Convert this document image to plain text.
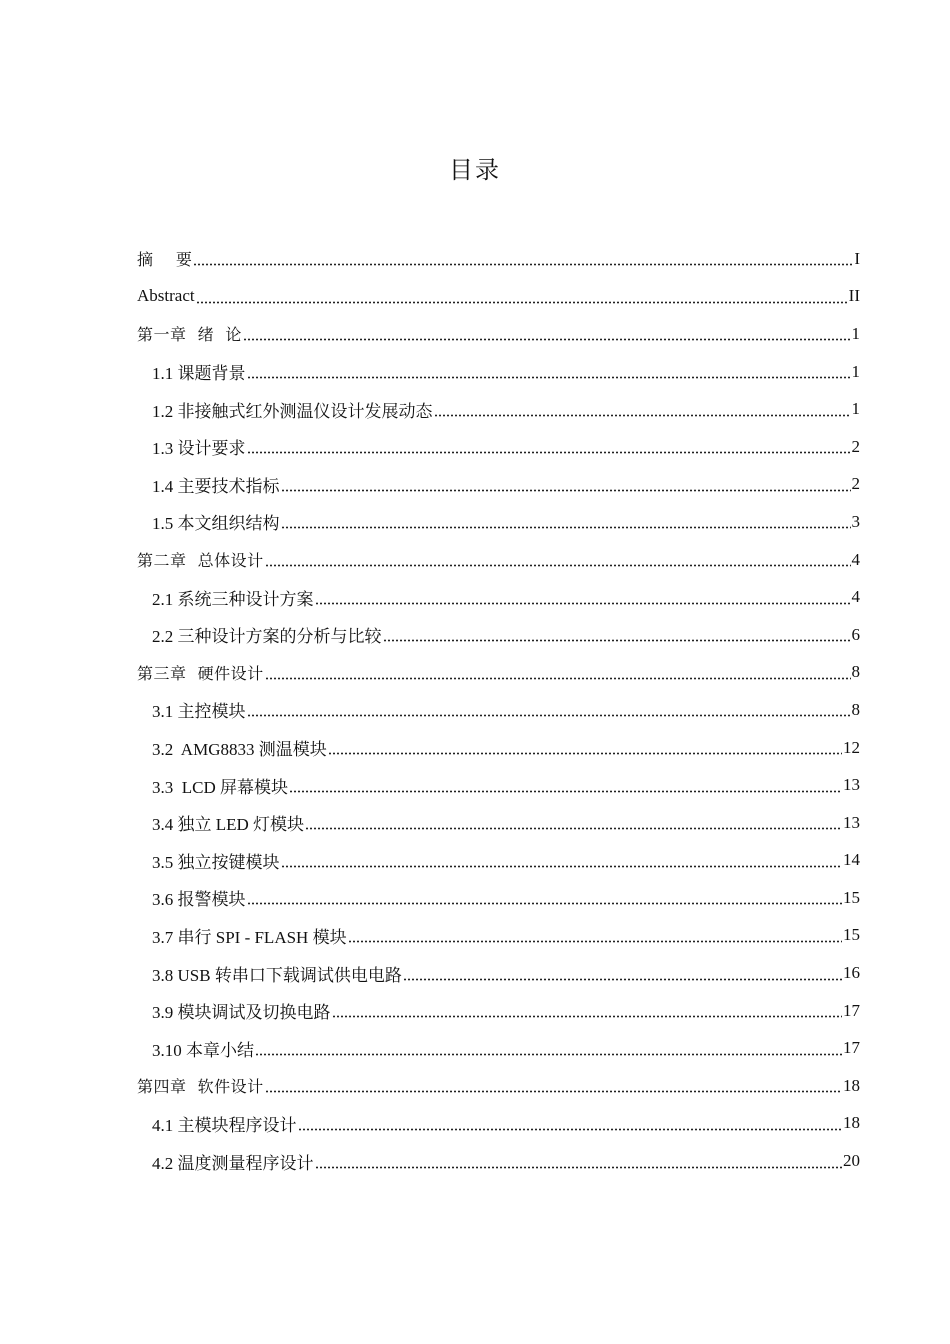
目录
摘    要	I
Abstract	II
第一章  绪  论	1
1.1 课题背景	1
1.2 非接触式红外测温仪设计发展动态	1
1.3 设计要求	2
1.4 主要技术指标	2
1.5 本文组织结构	3
第二章  总体设计	4
2.1 系统三种设计方案	4
2.2 三种设计方案的分析与比较	6
第三章  硬件设计	8
3.1 主控模块	8
3.2  AMG8833 测温模块	12
3.3  LCD 屏幕模块	13
3.4 独立 LED 灯模块	13
3.5 独立按键模块	14
3.6 报警模块	15
3.7 串行 SPI - FLASH 模块	15
3.8 USB 转串口下载调试供电电路	16
3.9 模块调试及切换电路	17
3.10 本章小结	17
第四章  软件设计	18
4.1 主模块程序设计	18
4.2 温度测量程序设计	20
